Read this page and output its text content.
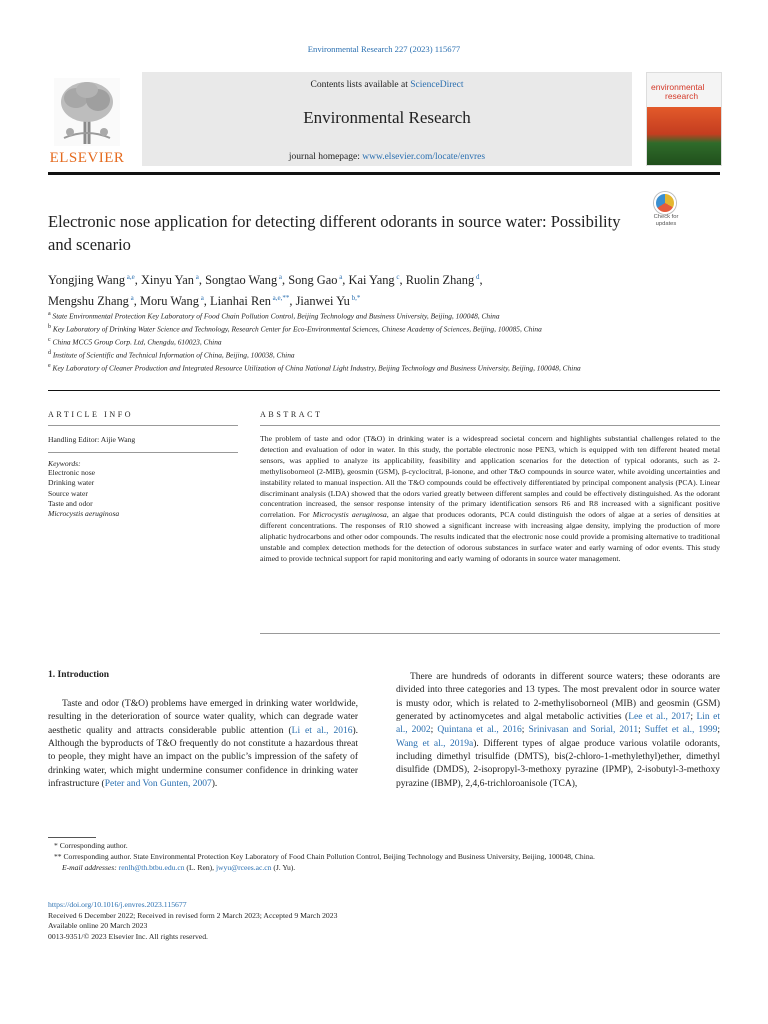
Environmental Research 227 (2023) 115677
ELSEVIER
Contents lists available at ScienceDirect
Environmental Research
journal homepage: www.elsevier.com/locate/envres
environmental
research
Electronic nose application for detecting different odorants in source water: Possibility and scenario
Check for
updates
Yongjing Wang $^{a,e}$, Xinyu Yan $^a$, Songtao Wang $^a$, Song Gao $^a$, Kai Yang $^c$, Ruolin Zhang $^d$,
Mengshu Zhang $^a$, Moru Wang $^a$, Lianhai Ren $^{a,e,**}$, Jianwei Yu $^{b,*}$
$^a$ State Environmental Protection Key Laboratory of Food Chain Pollution Control, Beijing Technology and Business University, Beijing, 100048, China
$^b$ Key Laboratory of Drinking Water Science and Technology, Research Center for Eco-Environmental Sciences, Chinese Academy of Sciences, Beijing, 100085, China
$^c$ China MCC5 Group Corp. Ltd, Chengdu, 610023, China
$^d$ Institute of Scientific and Technical Information of China, Beijing, 100038, China
$^e$ Key Laboratory of Cleaner Production and Integrated Resource Utilization of China National Light Industry, Beijing Technology and Business University, Beijing, 100048, China
ARTICLE INFO	ABSTRACT
Handling Editor: Aijie Wang
Keywords:
Electronic nose
Drinking water
Source water
Taste and odor
Microcystis aeruginosa
The problem of taste and odor (T&O) in drinking water is a widespread societal concern and highlights substantial challenges related to the detection and evaluation of odor in water. In this study, the portable electronic nose PEN3, which is equipped with ten different heated metal sensors, was applied to analyze its applicability, feasibility and application scenarios for the detection of typical odorants, such as 2-methylisoborneol (2-MIB), geosmin (GSM), β-cyclocitral, β-ionone, and other T&O compounds in source water, while avoiding uncertainties and instability related to manual inspection. All the T&O compounds could be effectively differentiated by principal component analysis (PCA). Linear discriminant analysis (LDA) showed that the odors varied greatly between different samples and could be effectively distinguished. As the odorant concentration increased, the sensor response intensity of the primary identification sensors R6 and R8 increased with a significant positive correlation. For Microcystis aeruginosa, an algae that produces odorants, PCA could distinguish the odors of algae at a series of densities at different concentrations. The responses of R10 showed a significant increase with increasing algae density, implying the production of more aliphatic hydrocarbons and other odor compounds. The results indicated that the electronic nose could provide a promising alternative to traditional unstable and complex detection methods for the detection of odorous substances in surface water and early warning of odor events. This study aimed to provide technical support for rapid monitoring and early warning of odorants in source water management.
1. Introduction

Taste and odor (T&O) problems have emerged in drinking water worldwide, resulting in the deterioration of source water quality, which can degrade water aesthetic quality and attracts considerable public attention (Li et al., 2016). Although the byproducts of T&O frequently do not constitute a hazardous threat to people, they might have an impact on the public’s impression of the safety of drinking water, which might undermine consumer confidence in drinking water infrastructure (Peter and Von Gunten, 2007).

There are hundreds of odorants in different source waters; these odorants are divided into three categories and 13 types. The most prevalent odor in source water is musty odor, which is related to 2-methylisoborneol (MIB) and geosmin (GSM) generated by actinomycetes and algal metabolic activities (Lee et al., 2017; Lin et al., 2002; Quintana et al., 2016; Srinivasan and Sorial, 2011; Suffet et al., 1999; Wang et al., 2019a). Different types of algae produce various volatile odorants, including dimethyl trisulfide (DMTS), bis(2-chloro-1-methylethyl)ether, dimethyl disulfide (DMDS), 2-isopropyl-3-methoxy pyrazine (IPMP), 2-isobutyl-3-methoxy pyrazine (IBMP), 2,4,6-trichloroanisole (TCA),

* Corresponding author.
** Corresponding author. State Environmental Protection Key Laboratory of Food Chain Pollution Control, Beijing Technology and Business University, Beijing, 100048, China.
E-mail addresses: renlh@th.btbu.edu.cn (L. Ren), jwyu@rcees.ac.cn (J. Yu).
https://doi.org/10.1016/j.envres.2023.115677
Received 6 December 2022; Received in revised form 2 March 2023; Accepted 9 March 2023
Available online 20 March 2023
0013-9351/© 2023 Elsevier Inc. All rights reserved.
